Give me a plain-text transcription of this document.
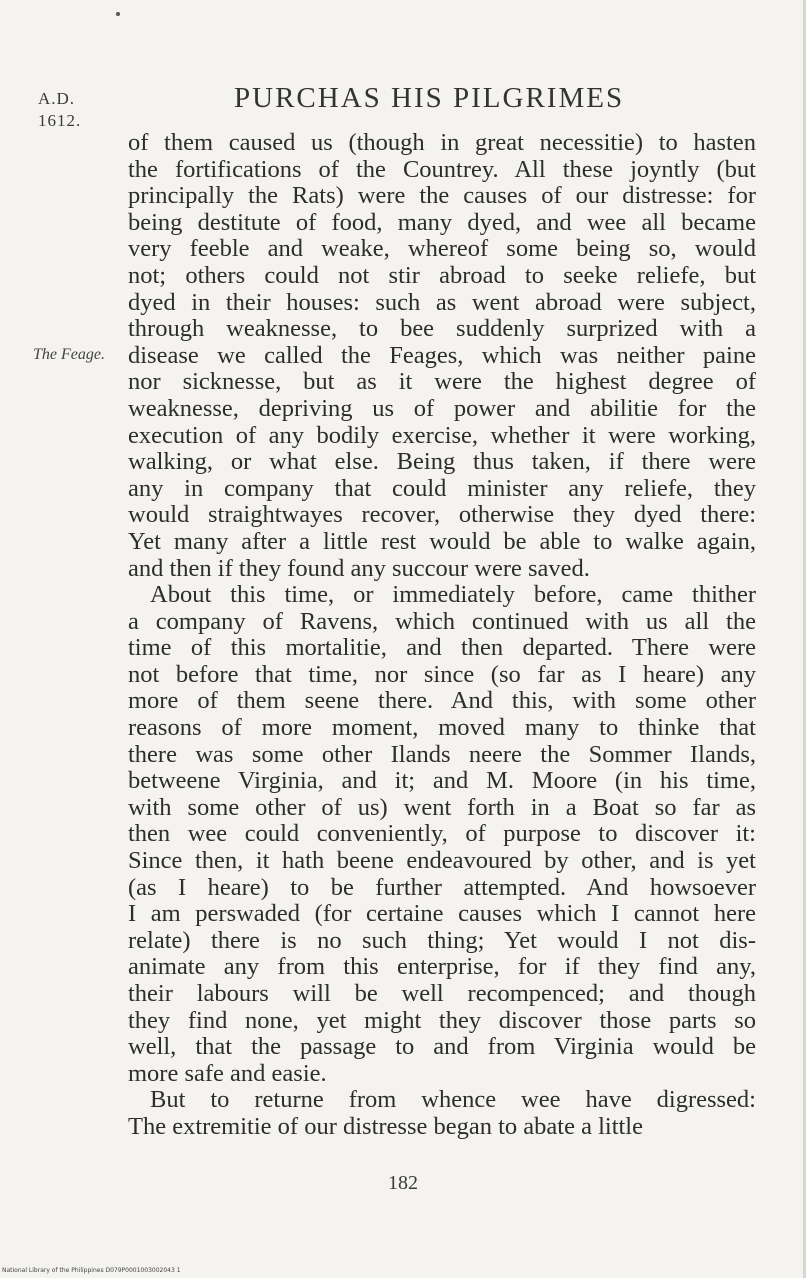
A.D.
1612.
PURCHAS HIS PILGRIMES
The Feage.
of them caused us (though in great necessitie) to hasten
the fortifications of the Countrey. All these joyntly (but
principally the Rats) were the causes of our distresse: for
being destitute of food, many dyed, and wee all became
very feeble and weake, whereof some being so, would
not; others could not stir abroad to seeke reliefe, but
dyed in their houses: such as went abroad were subject,
through weaknesse, to bee suddenly surprized with a
disease we called the Feages, which was neither paine
nor sicknesse, but as it were the highest degree of
weaknesse, depriving us of power and abilitie for the
execution of any bodily exercise, whether it were working,
walking, or what else. Being thus taken, if there were
any in company that could minister any reliefe, they
would straightwayes recover, otherwise they dyed there:
Yet many after a little rest would be able to walke again,
and then if they found any succour were saved.
About this time, or immediately before, came thither
a company of Ravens, which continued with us all the
time of this mortalitie, and then departed. There were
not before that time, nor since (so far as I heare) any
more of them seene there. And this, with some other
reasons of more moment, moved many to thinke that
there was some other Ilands neere the Sommer Ilands,
betweene Virginia, and it; and M. Moore (in his time,
with some other of us) went forth in a Boat so far as
then wee could conveniently, of purpose to discover it:
Since then, it hath beene endeavoured by other, and is yet
(as I heare) to be further attempted. And howsoever
I am perswaded (for certaine causes which I cannot here
relate) there is no such thing; Yet would I not dis-
animate any from this enterprise, for if they find any,
their labours will be well recompenced; and though
they find none, yet might they discover those parts so
well, that the passage to and from Virginia would be
more safe and easie.
But to returne from whence wee have digressed:
The extremitie of our distresse began to abate a little
182
National Library of the Philippines D079P0001003002043 1
